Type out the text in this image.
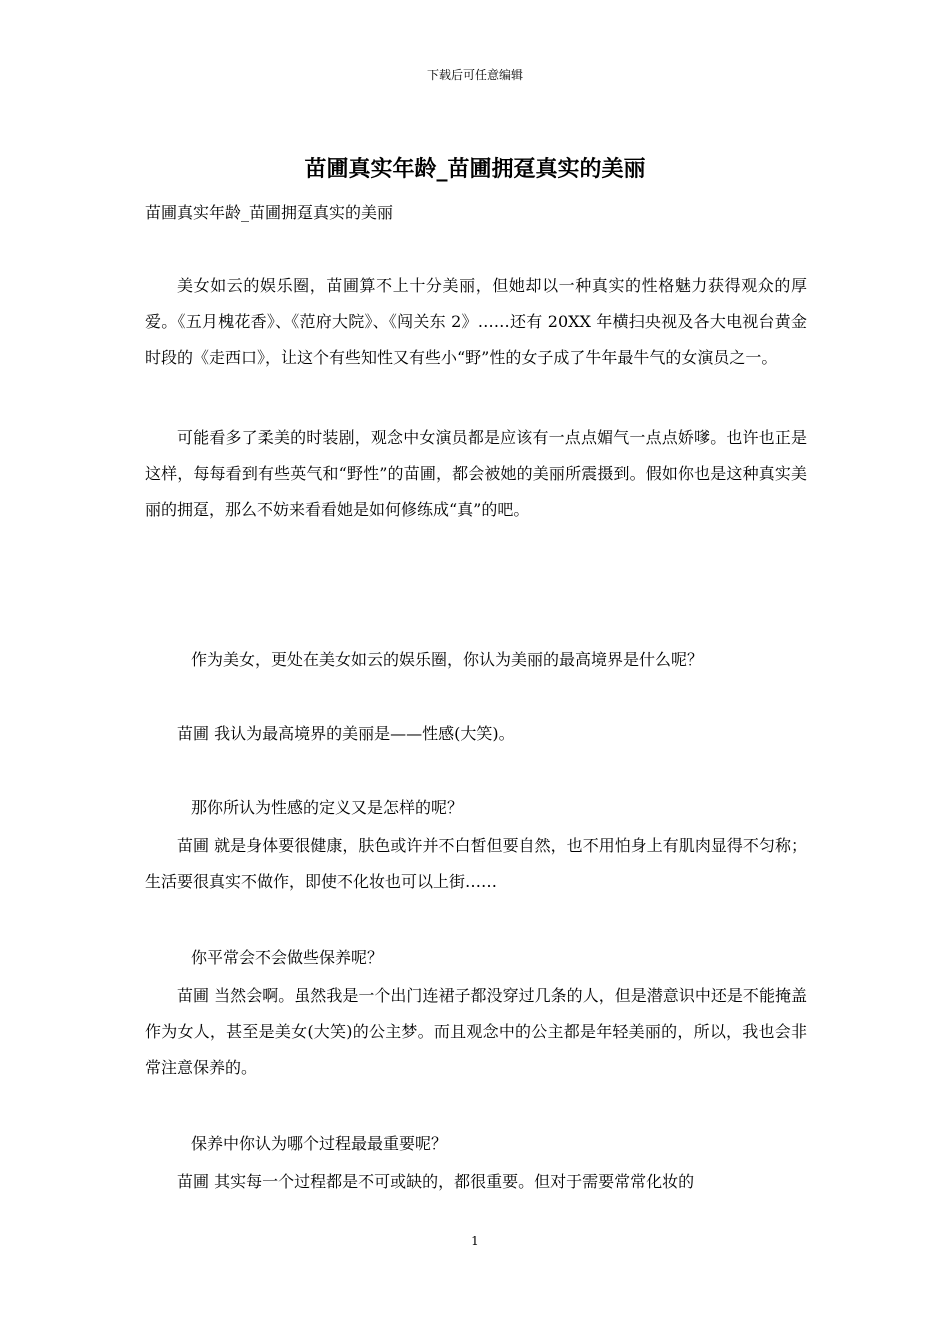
下载后可任意编辑
苗圃真实年龄_苗圃拥趸真实的美丽

苗圃真实年龄_苗圃拥趸真实的美丽

美女如云的娱乐圈，苗圃算不上十分美丽，但她却以一种真实的性格魅力获得观众的厚爱。《五月槐花香》、《范府大院》、《闯关东 2》……还有 20XX 年横扫央视及各大电视台黄金时段的《走西口》，让这个有些知性又有些小“野”性的女子成了牛年最牛气的女演员之一。

可能看多了柔美的时装剧，观念中女演员都是应该有一点点媚气一点点娇嗲。也许也正是这样，每每看到有些英气和“野性”的苗圃，都会被她的美丽所震摄到。假如你也是这种真实美丽的拥趸，那么不妨来看看她是如何修练成“真”的吧。

作为美女，更处在美女如云的娱乐圈，你认为美丽的最高境界是什么呢？

苗圃 我认为最高境界的美丽是——性感(大笑)。

那你所认为性感的定义又是怎样的呢？

苗圃 就是身体要很健康，肤色或许并不白皙但要自然，也不用怕身上有肌肉显得不匀称；生活要很真实不做作，即使不化妆也可以上街……

你平常会不会做些保养呢？

苗圃 当然会啊。虽然我是一个出门连裙子都没穿过几条的人，但是潜意识中还是不能掩盖作为女人，甚至是美女(大笑)的公主梦。而且观念中的公主都是年轻美丽的，所以，我也会非常注意保养的。

保养中你认为哪个过程最最重要呢？

苗圃 其实每一个过程都是不可或缺的，都很重要。但对于需要常常化妆的

1
